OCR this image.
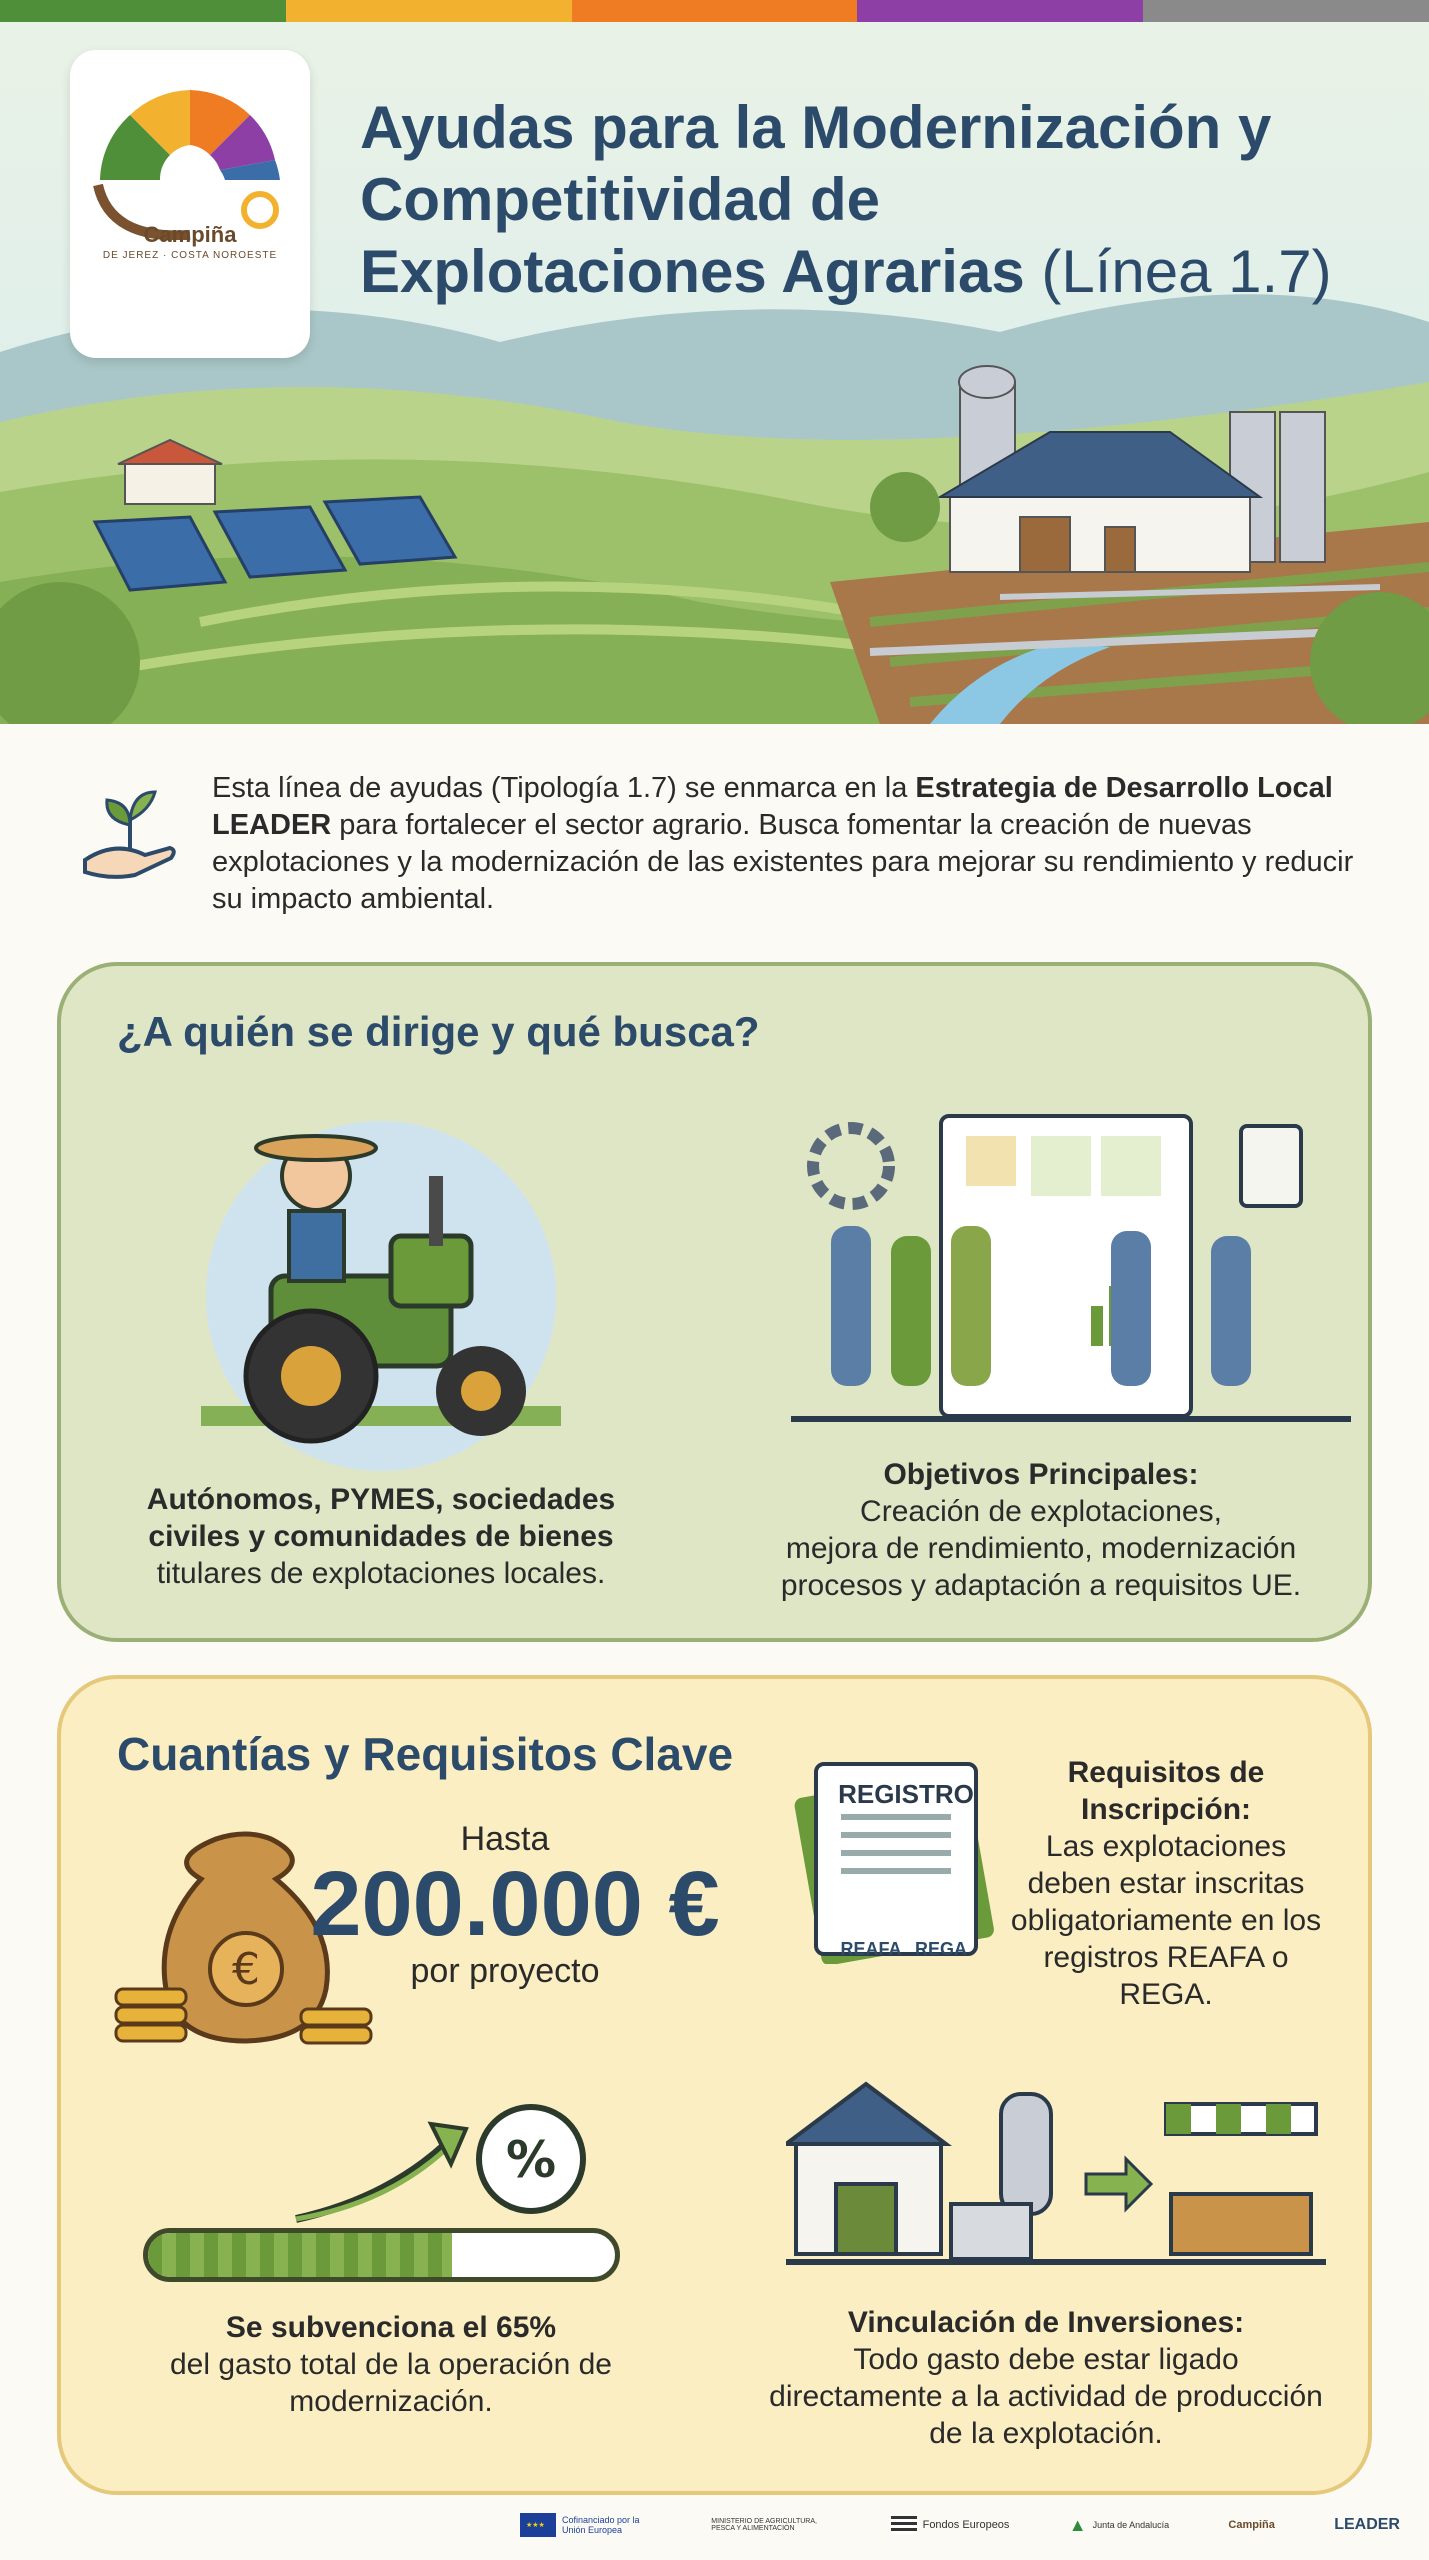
Campiña
DE JEREZ · COSTA NOROESTE
Ayudas para la Modernización y
Competitividad de
Explotaciones Agrarias (Línea 1.7)
Esta línea de ayudas (Tipología 1.7) se enmarca en la Estrategia de Desarrollo Local LEADER para fortalecer el sector agrario. Busca fomentar la creación de nuevas explotaciones y la modernización de las existentes para mejorar su rendimiento y reducir su impacto ambiental.
¿A quién se dirige y qué busca?
Autónomos, PYMES, sociedades civiles y comunidades de bienes
titulares de explotaciones locales.
Objetivos Principales:
Creación de explotaciones,
mejora de rendimiento, modernización
procesos y adaptación a requisitos UE.
Cuantías y Requisitos Clave
€
REGISTRO
REAFA REGA
Requisitos de
Inscripción:
Las explotaciones deben estar inscritas obligatoriamente en los registros REAFA o REGA.
%
Se subvenciona el 65%
del gasto total de la operación de modernización.
Vinculación de Inversiones:
Todo gasto debe estar ligado directamente a la actividad de producción de la explotación.
Hasta
200.000 €
por proyecto
★★★
Cofinanciado por la Unión Europea
MINISTERIO DE AGRICULTURA, PESCA Y ALIMENTACIÓN	Fondos Europeos	▲ Junta de Andalucía	Campiña	LEADER
